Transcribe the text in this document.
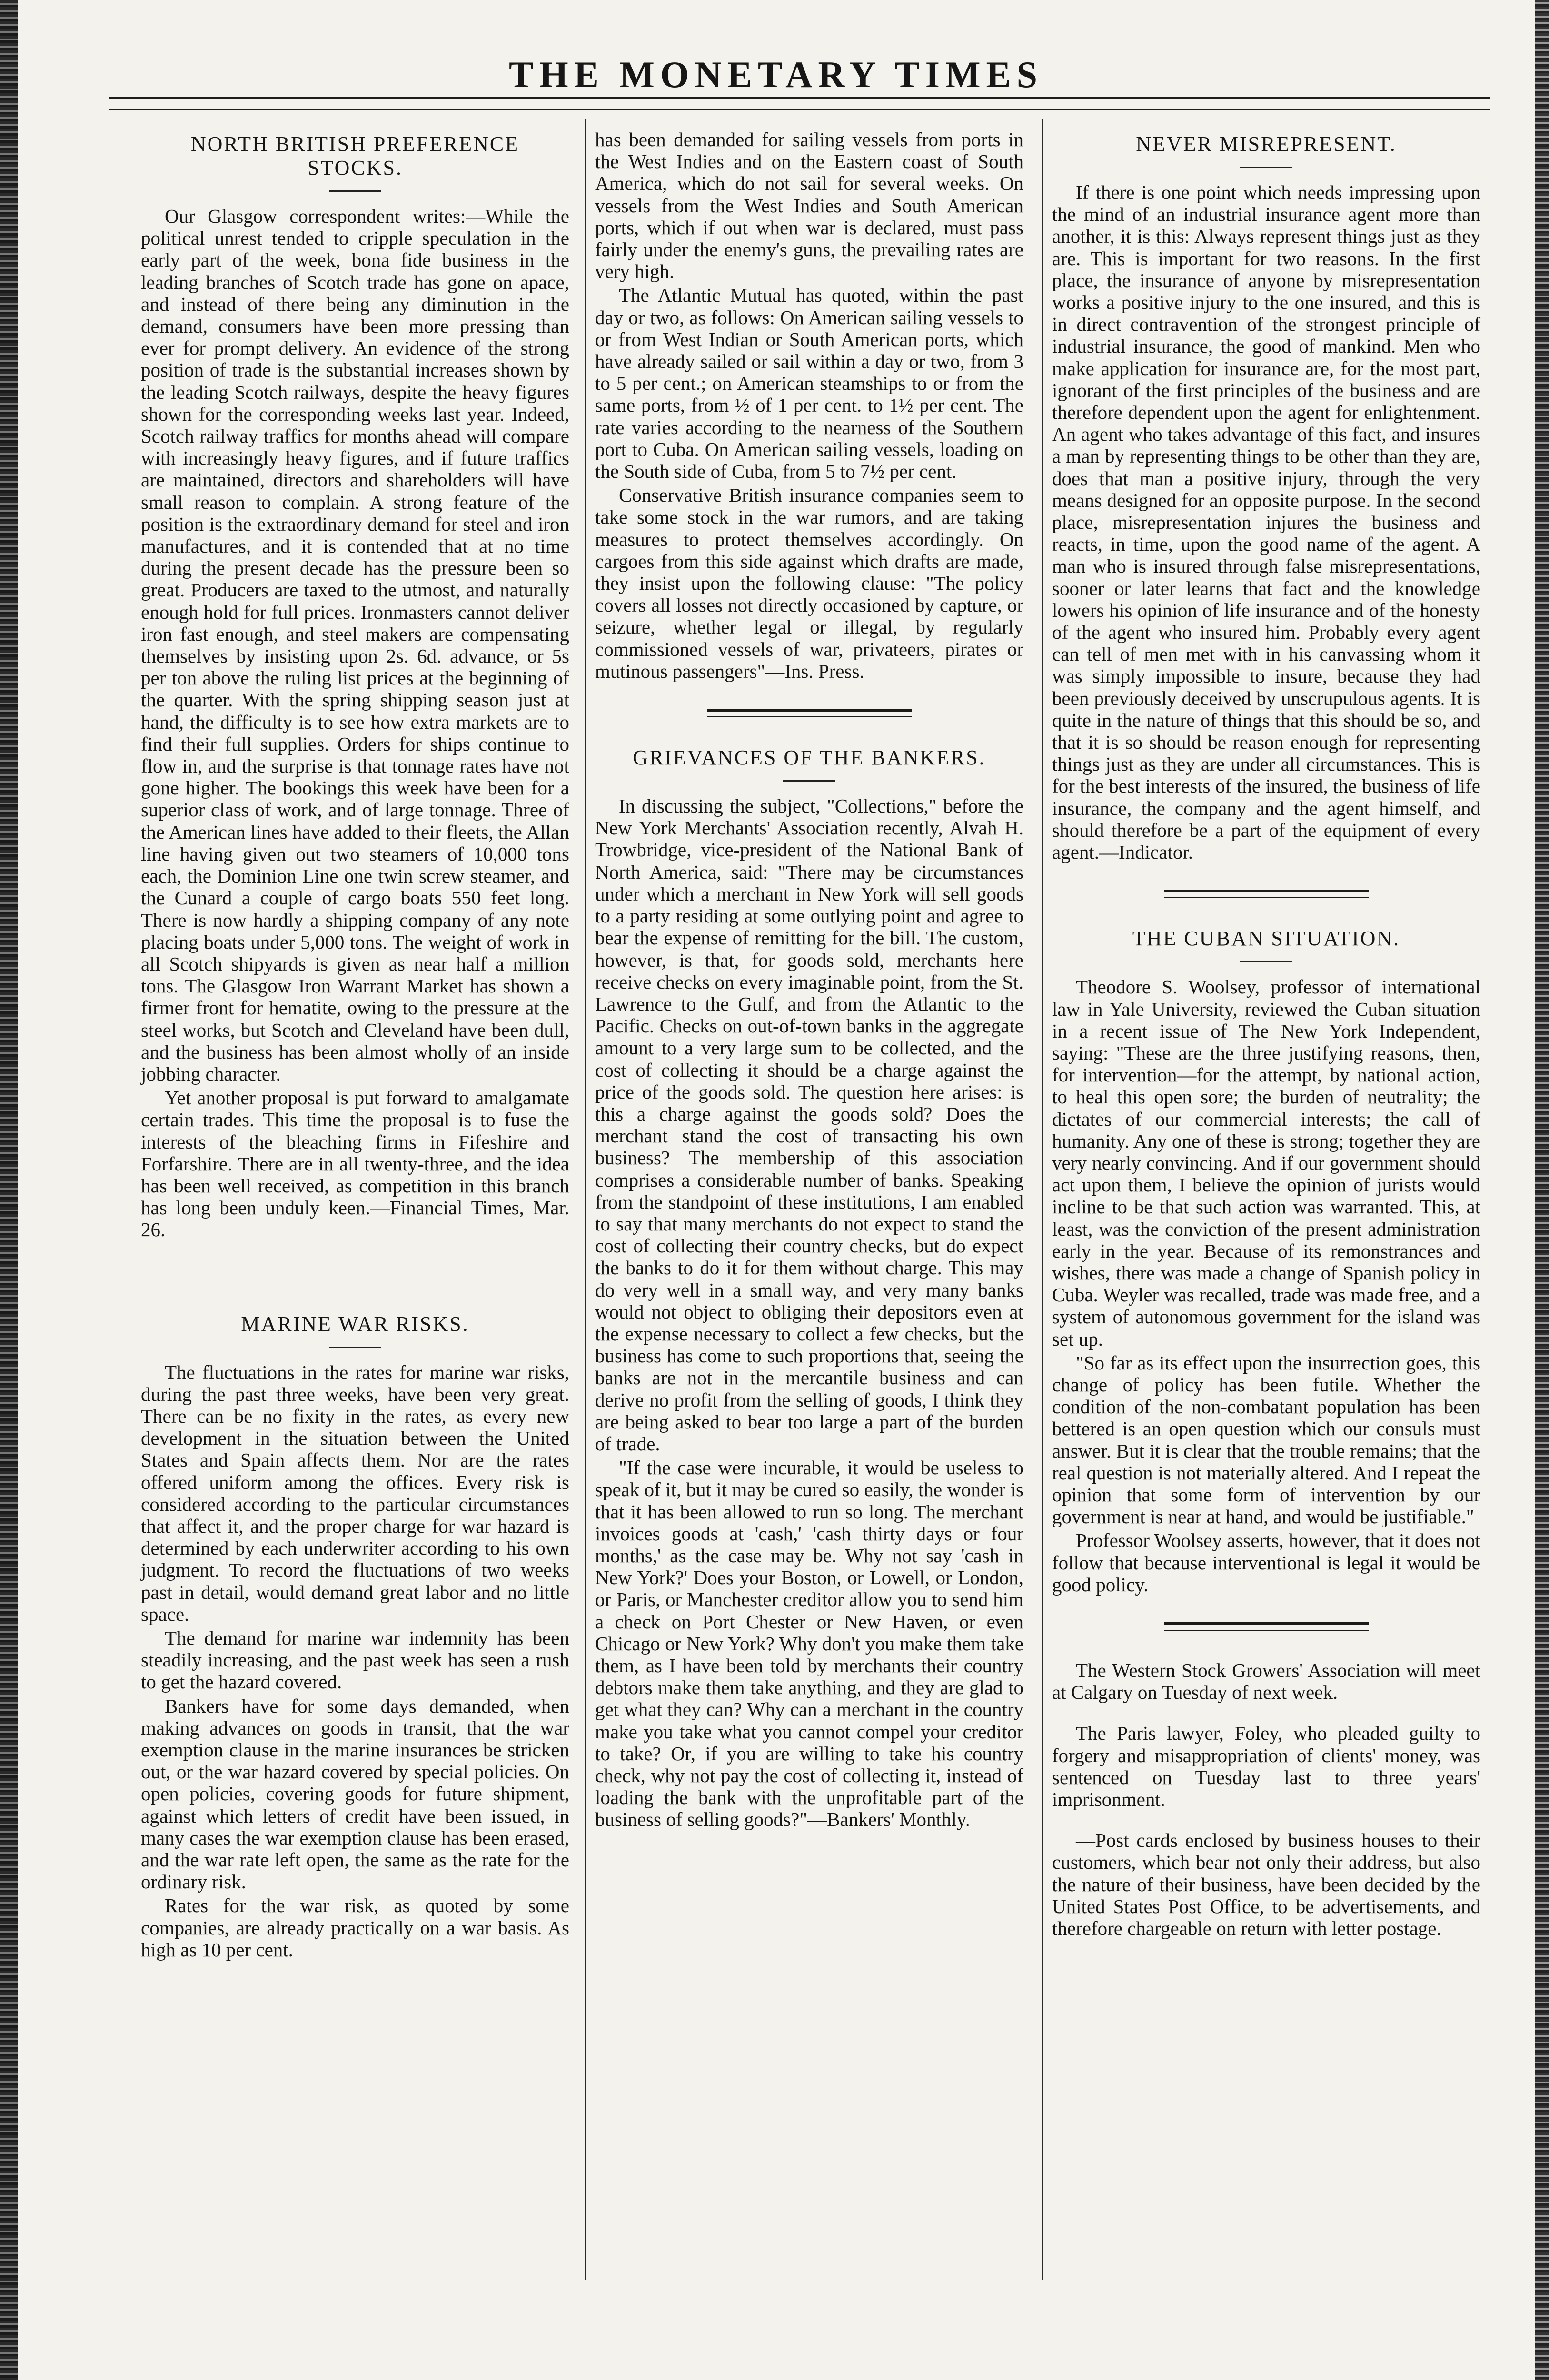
THE MONETARY TIMES
NORTH BRITISH PREFERENCE STOCKS.

Our Glasgow correspondent writes:—While the political unrest tended to cripple speculation in the early part of the week, bona fide business in the leading branches of Scotch trade has gone on apace, and instead of there being any diminution in the demand, consumers have been more pressing than ever for prompt delivery. An evidence of the strong position of trade is the substantial increases shown by the leading Scotch railways, despite the heavy figures shown for the corresponding weeks last year. Indeed, Scotch railway traffics for months ahead will compare with increasingly heavy figures, and if future traffics are maintained, directors and shareholders will have small reason to complain. A strong feature of the position is the extraordinary demand for steel and iron manufactures, and it is contended that at no time during the present decade has the pressure been so great. Producers are taxed to the utmost, and naturally enough hold for full prices. Ironmasters cannot deliver iron fast enough, and steel makers are compensating themselves by insisting upon 2s. 6d. advance, or 5s per ton above the ruling list prices at the beginning of the quarter. With the spring shipping season just at hand, the difficulty is to see how extra markets are to find their full supplies. Orders for ships continue to flow in, and the surprise is that tonnage rates have not gone higher. The bookings this week have been for a superior class of work, and of large tonnage. Three of the American lines have added to their fleets, the Allan line having given out two steamers of 10,000 tons each, the Dominion Line one twin screw steamer, and the Cunard a couple of cargo boats 550 feet long. There is now hardly a shipping company of any note placing boats under 5,000 tons. The weight of work in all Scotch shipyards is given as near half a million tons. The Glasgow Iron Warrant Market has shown a firmer front for hematite, owing to the pressure at the steel works, but Scotch and Cleveland have been dull, and the business has been almost wholly of an inside jobbing character.

Yet another proposal is put forward to amalgamate certain trades. This time the proposal is to fuse the interests of the bleaching firms in Fifeshire and Forfarshire. There are in all twenty-three, and the idea has been well received, as competition in this branch has long been unduly keen.—Financial Times, Mar. 26.

MARINE WAR RISKS.

The fluctuations in the rates for marine war risks, during the past three weeks, have been very great. There can be no fixity in the rates, as every new development in the situation between the United States and Spain affects them. Nor are the rates offered uniform among the offices. Every risk is considered according to the particular circumstances that affect it, and the proper charge for war hazard is determined by each underwriter according to his own judgment. To record the fluctuations of two weeks past in detail, would demand great labor and no little space.

The demand for marine war indemnity has been steadily increasing, and the past week has seen a rush to get the hazard covered.

Bankers have for some days demanded, when making advances on goods in transit, that the war exemption clause in the marine insurances be stricken out, or the war hazard covered by special policies. On open policies, covering goods for future shipment, against which letters of credit have been issued, in many cases the war exemption clause has been erased, and the war rate left open, the same as the rate for the ordinary risk.

Rates for the war risk, as quoted by some companies, are already practically on a war basis. As high as 10 per cent.

has been demanded for sailing vessels from ports in the West Indies and on the Eastern coast of South America, which do not sail for several weeks. On vessels from the West Indies and South American ports, which if out when war is declared, must pass fairly under the enemy's guns, the prevailing rates are very high.

The Atlantic Mutual has quoted, within the past day or two, as follows: On American sailing vessels to or from West Indian or South American ports, which have already sailed or sail within a day or two, from 3 to 5 per cent.; on American steamships to or from the same ports, from ½ of 1 per cent. to 1½ per cent. The rate varies according to the nearness of the Southern port to Cuba. On American sailing vessels, loading on the South side of Cuba, from 5 to 7½ per cent.

Conservative British insurance companies seem to take some stock in the war rumors, and are taking measures to protect themselves accordingly. On cargoes from this side against which drafts are made, they insist upon the following clause: "The policy covers all losses not directly occasioned by capture, or seizure, whether legal or illegal, by regularly commissioned vessels of war, privateers, pirates or mutinous passengers"—Ins. Press.

GRIEVANCES OF THE BANKERS.

In discussing the subject, "Collections," before the New York Merchants' Association recently, Alvah H. Trowbridge, vice-president of the National Bank of North America, said: "There may be circumstances under which a merchant in New York will sell goods to a party residing at some outlying point and agree to bear the expense of remitting for the bill. The custom, however, is that, for goods sold, merchants here receive checks on every imaginable point, from the St. Lawrence to the Gulf, and from the Atlantic to the Pacific. Checks on out-of-town banks in the aggregate amount to a very large sum to be collected, and the cost of collecting it should be a charge against the price of the goods sold. The question here arises: is this a charge against the goods sold? Does the merchant stand the cost of transacting his own business? The membership of this association comprises a considerable number of banks. Speaking from the standpoint of these institutions, I am enabled to say that many merchants do not expect to stand the cost of collecting their country checks, but do expect the banks to do it for them without charge. This may do very well in a small way, and very many banks would not object to obliging their depositors even at the expense necessary to collect a few checks, but the business has come to such proportions that, seeing the banks are not in the mercantile business and can derive no profit from the selling of goods, I think they are being asked to bear too large a part of the burden of trade.

"If the case were incurable, it would be useless to speak of it, but it may be cured so easily, the wonder is that it has been allowed to run so long. The merchant invoices goods at 'cash,' 'cash thirty days or four months,' as the case may be. Why not say 'cash in New York?' Does your Boston, or Lowell, or London, or Paris, or Manchester creditor allow you to send him a check on Port Chester or New Haven, or even Chicago or New York? Why don't you make them take them, as I have been told by merchants their country debtors make them take anything, and they are glad to get what they can? Why can a merchant in the country make you take what you cannot compel your creditor to take? Or, if you are willing to take his country check, why not pay the cost of collecting it, instead of loading the bank with the unprofitable part of the business of selling goods?"—Bankers' Monthly.

NEVER MISREPRESENT.

If there is one point which needs impressing upon the mind of an industrial insurance agent more than another, it is this: Always represent things just as they are. This is important for two reasons. In the first place, the insurance of anyone by misrepresentation works a positive injury to the one insured, and this is in direct contravention of the strongest principle of industrial insurance, the good of mankind. Men who make application for insurance are, for the most part, ignorant of the first principles of the business and are therefore dependent upon the agent for enlightenment. An agent who takes advantage of this fact, and insures a man by representing things to be other than they are, does that man a positive injury, through the very means designed for an opposite purpose. In the second place, misrepresentation injures the business and reacts, in time, upon the good name of the agent. A man who is insured through false misrepresentations, sooner or later learns that fact and the knowledge lowers his opinion of life insurance and of the honesty of the agent who insured him. Probably every agent can tell of men met with in his canvassing whom it was simply impossible to insure, because they had been previously deceived by unscrupulous agents. It is quite in the nature of things that this should be so, and that it is so should be reason enough for representing things just as they are under all circumstances. This is for the best interests of the insured, the business of life insurance, the company and the agent himself, and should therefore be a part of the equipment of every agent.—Indicator.

THE CUBAN SITUATION.

Theodore S. Woolsey, professor of international law in Yale University, reviewed the Cuban situation in a recent issue of The New York Independent, saying: "These are the three justifying reasons, then, for intervention—for the attempt, by national action, to heal this open sore; the burden of neutrality; the dictates of our commercial interests; the call of humanity. Any one of these is strong; together they are very nearly convincing. And if our government should act upon them, I believe the opinion of jurists would incline to be that such action was warranted. This, at least, was the conviction of the present administration early in the year. Because of its remonstrances and wishes, there was made a change of Spanish policy in Cuba. Weyler was recalled, trade was made free, and a system of autonomous government for the island was set up.

"So far as its effect upon the insurrection goes, this change of policy has been futile. Whether the condition of the non-combatant population has been bettered is an open question which our consuls must answer. But it is clear that the trouble remains; that the real question is not materially altered. And I repeat the opinion that some form of intervention by our government is near at hand, and would be justifiable."

Professor Woolsey asserts, however, that it does not follow that because interventional is legal it would be good policy.

The Western Stock Growers' Association will meet at Calgary on Tuesday of next week.

The Paris lawyer, Foley, who pleaded guilty to forgery and misappropriation of clients' money, was sentenced on Tuesday last to three years' imprisonment.

—Post cards enclosed by business houses to their customers, which bear not only their address, but also the nature of their business, have been decided by the United States Post Office, to be advertisements, and therefore chargeable on return with letter postage.
